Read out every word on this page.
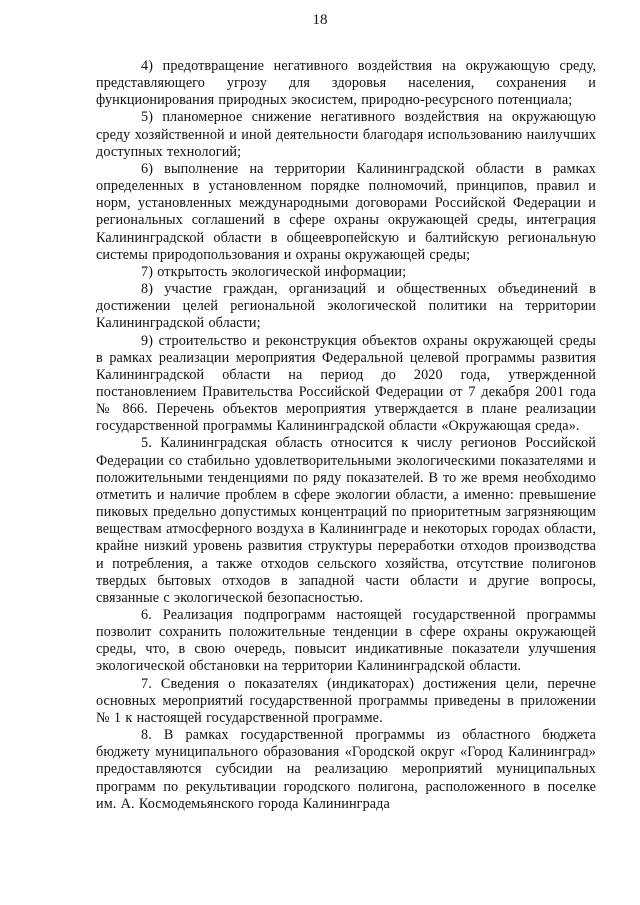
18

4) предотвращение негативного воздействия на окружающую среду, представляющего угрозу для здоровья населения, сохранения и функционирования природных экосистем, природно-ресурсного потенциала;

5) планомерное снижение негативного воздействия на окружающую среду хозяйственной и иной деятельности благодаря использованию наилучших доступных технологий;

6) выполнение на территории Калининградской области в рамках определенных в установленном порядке полномочий, принципов, правил и норм, установленных международными договорами Российской Федерации и региональных соглашений в сфере охраны окружающей среды, интеграция Калининградской области в общеевропейскую и балтийскую региональную системы природопользования и охраны окружающей среды;

7) открытость экологической информации;

8) участие граждан, организаций и общественных объединений в достижении целей региональной экологической политики на территории Калининградской области;

9) строительство и реконструкция объектов охраны окружающей среды в рамках реализации мероприятия Федеральной целевой программы развития Калининградской области на период до 2020 года, утвержденной постановлением Правительства Российской Федерации от 7 декабря 2001 года № 866. Перечень объектов мероприятия утверждается в плане реализации государственной программы Калининградской области «Окружающая среда».

5. Калининградская область относится к числу регионов Российской Федерации со стабильно удовлетворительными экологическими показателями и положительными тенденциями по ряду показателей. В то же время необходимо отметить и наличие проблем в сфере экологии области, а именно: превышение пиковых предельно допустимых концентраций по приоритетным загрязняющим веществам атмосферного воздуха в Калининграде и некоторых городах области, крайне низкий уровень развития структуры переработки отходов производства и потребления, а также отходов сельского хозяйства, отсутствие полигонов твердых бытовых отходов в западной части области и другие вопросы, связанные с экологической безопасностью.

6. Реализация подпрограмм настоящей государственной программы позволит сохранить положительные тенденции в сфере охраны окружающей среды, что, в свою очередь, повысит индикативные показатели улучшения экологической обстановки на территории Калининградской области.

7. Сведения о показателях (индикаторах) достижения цели, перечне основных мероприятий государственной программы приведены в приложении № 1 к настоящей государственной программе.

8. В рамках государственной программы из областного бюджета бюджету муниципального образования «Городской округ «Город Калининград» предоставляются субсидии на реализацию мероприятий муниципальных программ по рекультивации городского полигона, расположенного в поселке им. А. Космодемьянского города Калининграда
